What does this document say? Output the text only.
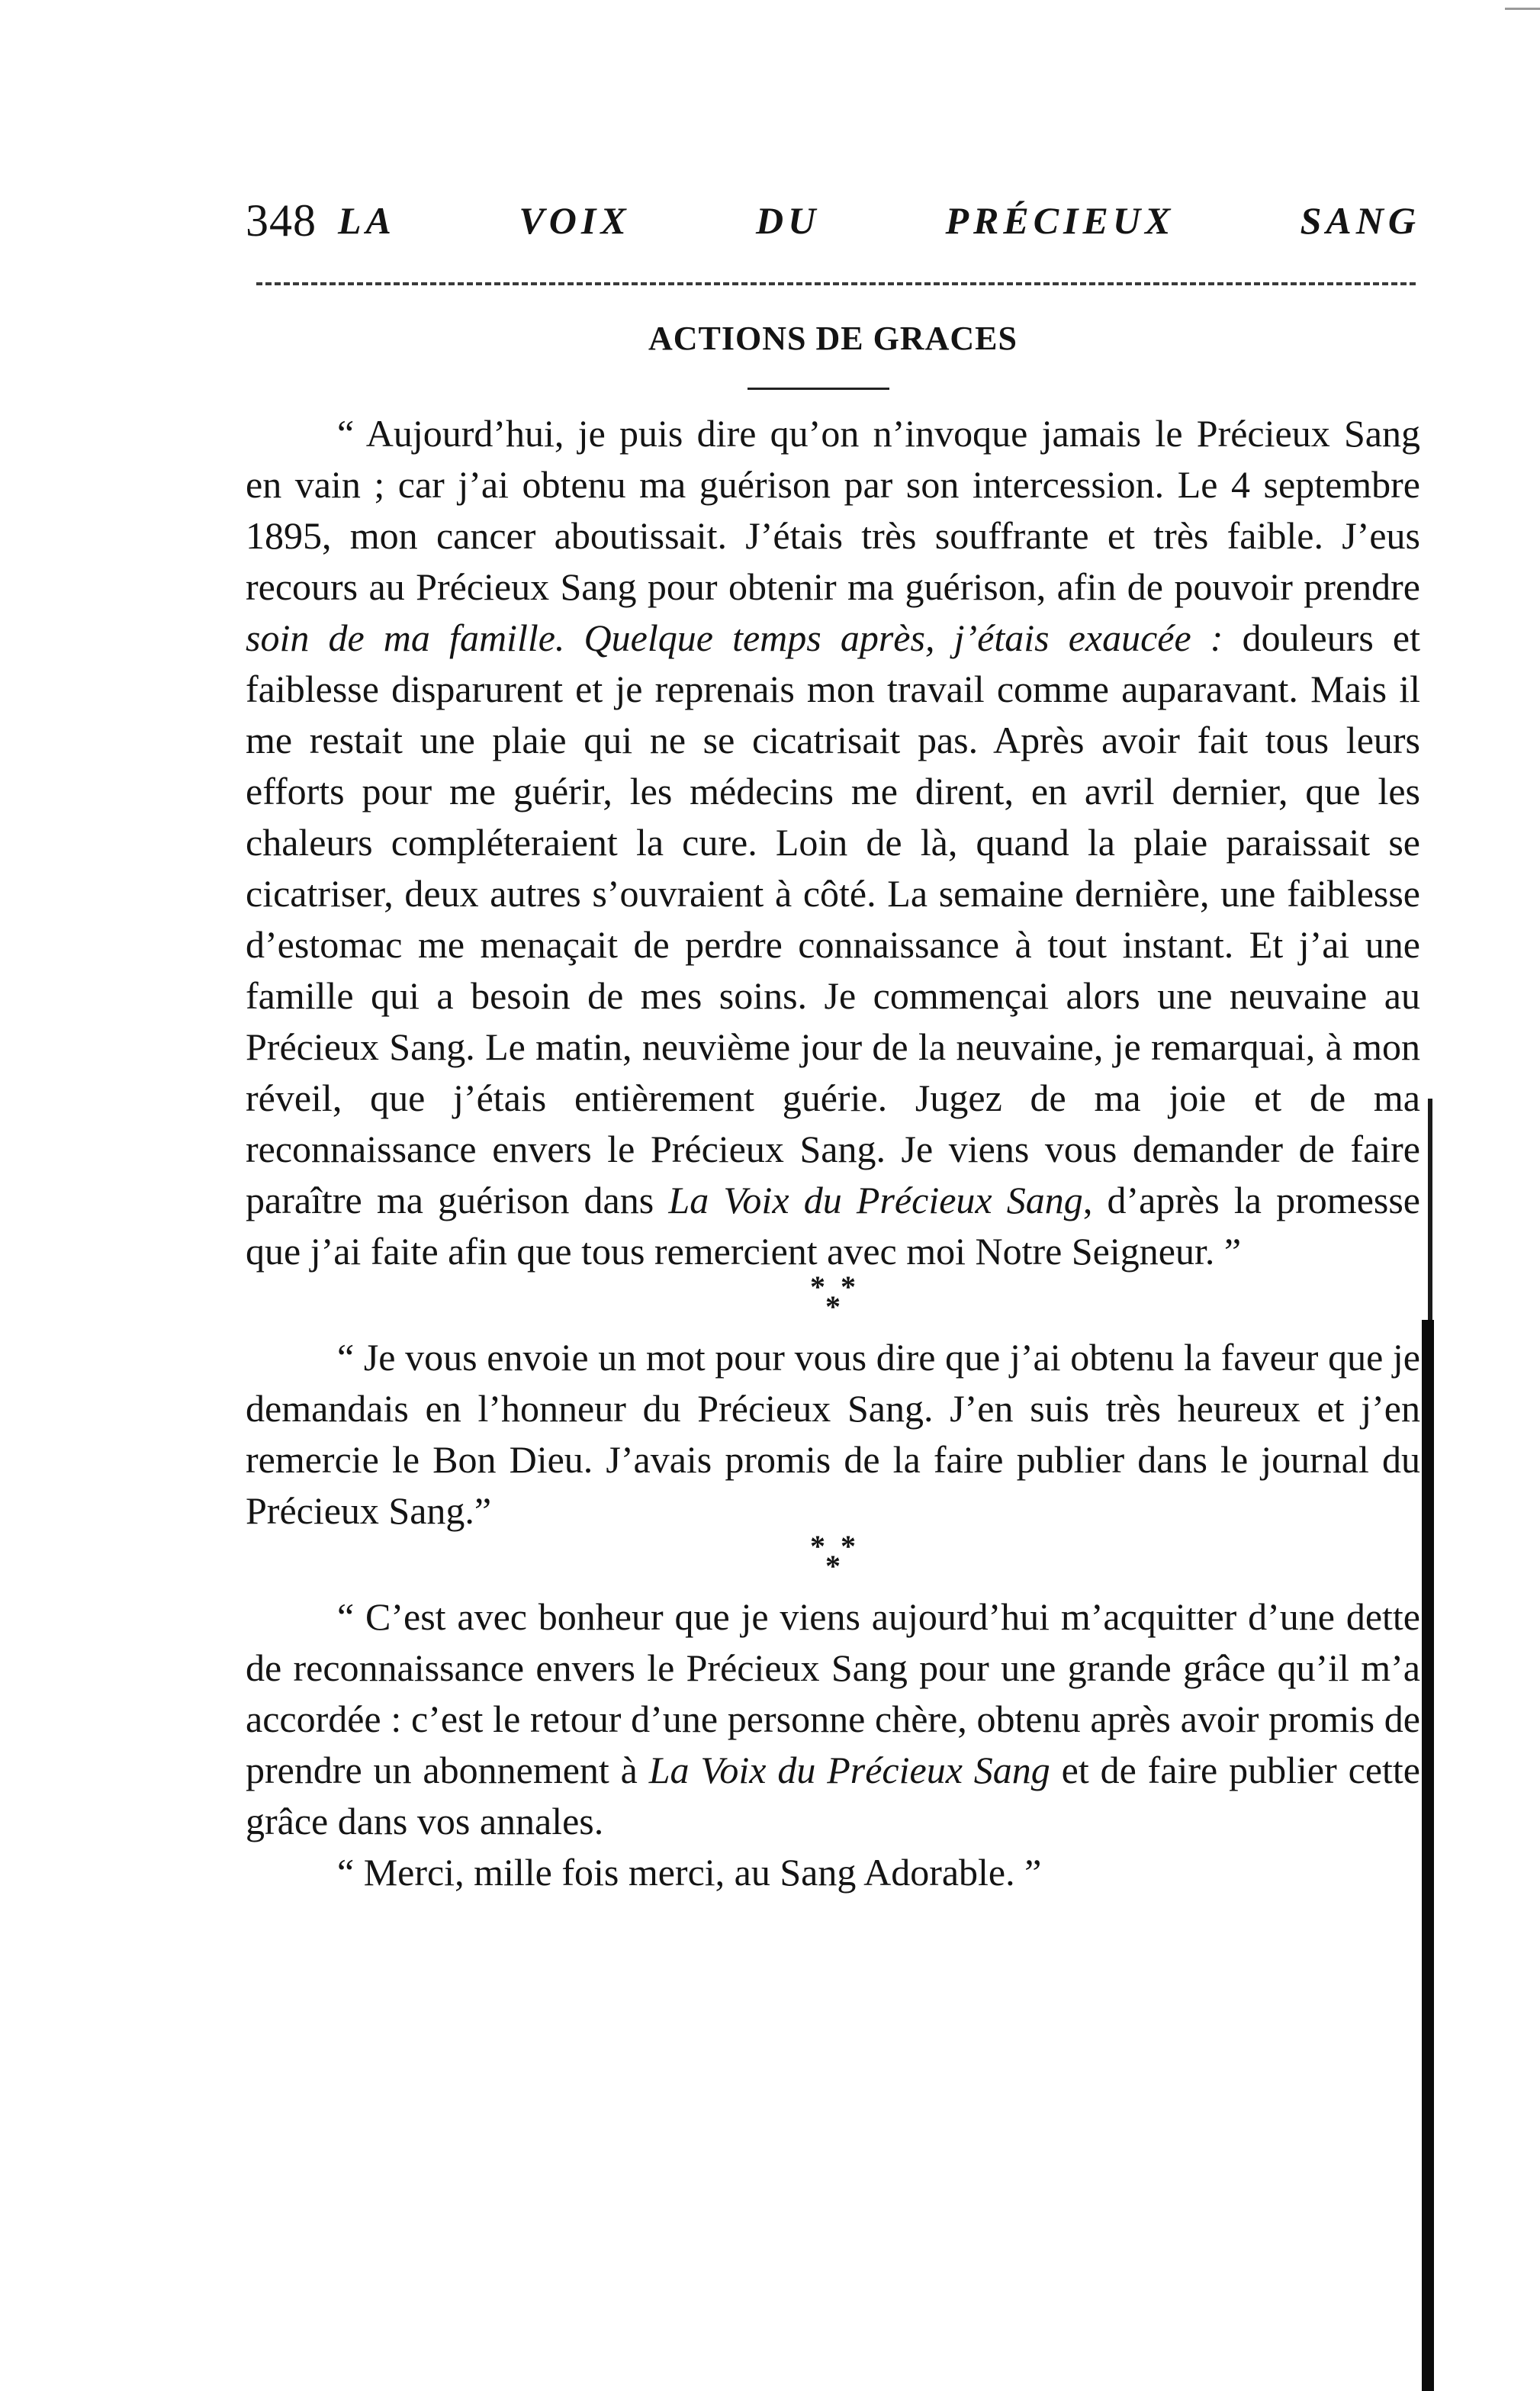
348 LA VOIX DU PRÉCIEUX SANG
ACTIONS DE GRACES

“ Aujourd’hui, je puis dire qu’on n’invoque jamais le Précieux Sang en vain ; car j’ai obtenu ma guérison par son intercession. Le 4 septembre 1895, mon cancer aboutissait. J’étais très souffrante et très faible. J’eus recours au Précieux Sang pour obtenir ma guérison, afin de pouvoir prendre soin de ma famille. Quelque temps après, j’étais exaucée : douleurs et faiblesse disparurent et je reprenais mon travail comme auparavant. Mais il me restait une plaie qui ne se cicatrisait pas. Après avoir fait tous leurs efforts pour me guérir, les médecins me dirent, en avril dernier, que les chaleurs compléteraient la cure. Loin de là, quand la plaie paraissait se cicatriser, deux autres s’ouvraient à côté. La semaine dernière, une faiblesse d’estomac me menaçait de perdre connaissance à tout instant. Et j’ai une famille qui a besoin de mes soins. Je commençai alors une neuvaine au Précieux Sang. Le matin, neuvième jour de la neuvaine, je remarquai, à mon réveil, que j’étais entièrement guérie. Jugez de ma joie et de ma reconnaissance envers le Précieux Sang. Je viens vous demander de faire paraître ma guérison dans La Voix du Précieux Sang, d’après la promesse que j’ai faite afin que tous remercient avec moi Notre Seigneur. ”

*  *
*

“ Je vous envoie un mot pour vous dire que j’ai obtenu la faveur que je demandais en l’honneur du Précieux Sang. J’en suis très heureux et j’en remercie le Bon Dieu. J’avais promis de la faire publier dans le journal du Précieux Sang.”

*  *
*

“ C’est avec bonheur que je viens aujourd’hui m’acquitter d’une dette de reconnaissance envers le Précieux Sang pour une grande grâce qu’il m’a accordée : c’est le retour d’une personne chère, obtenu après avoir promis de prendre un abonnement à La Voix du Précieux Sang et de faire publier cette grâce dans vos annales.

“ Merci, mille fois merci, au Sang Adorable. ”
